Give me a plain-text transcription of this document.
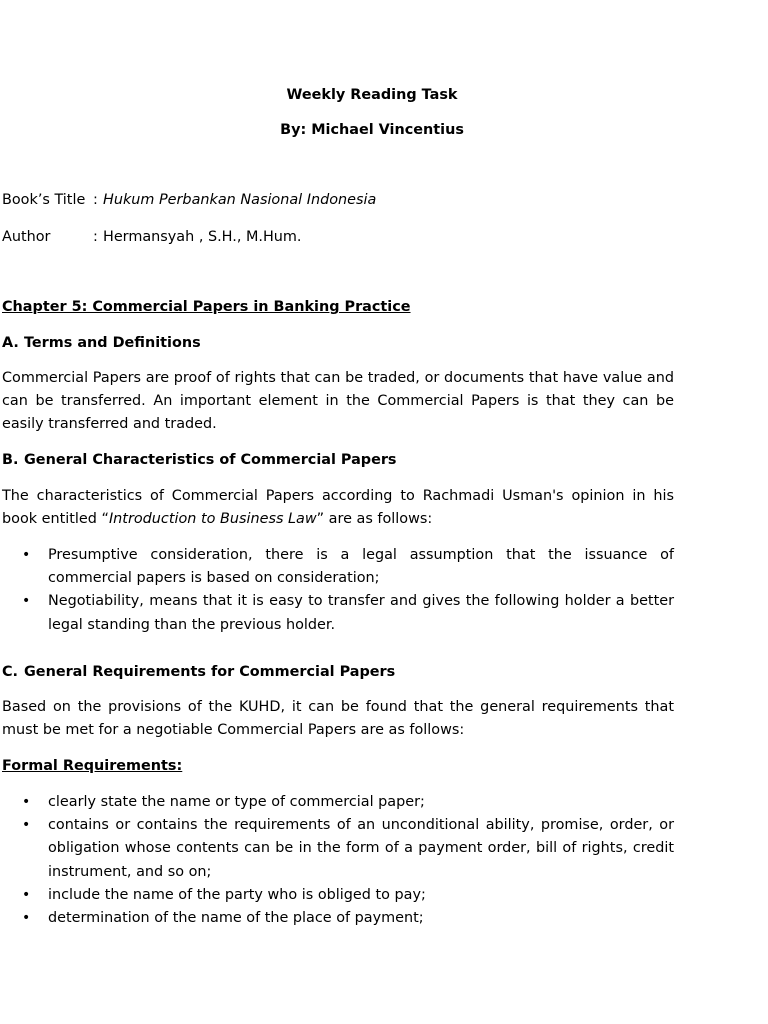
Weekly Reading Task
By: Michael Vincentius
Book’s Title : Hukum Perbankan Nasional Indonesia
Author	: Hermansyah , S.H., M.Hum.
Chapter 5: Commercial Papers in Banking Practice
A. Terms and Definitions
Commercial Papers are proof of rights that can be traded, or documents that have value and can be transferred. An important element in the Commercial Papers is that they can be easily transferred and traded.
B. General Characteristics of Commercial Papers
The characteristics of Commercial Papers according to Rachmadi Usman's opinion in his book entitled “Introduction to Business Law” are as follows:
• Presumptive consideration, there is a legal assumption that the issuance of commercial papers is based on consideration;
• Negotiability, means that it is easy to transfer and gives the following holder a better legal standing than the previous holder.
C. General Requirements for Commercial Papers
Based on the provisions of the KUHD, it can be found that the general requirements that must be met for a negotiable Commercial Papers are as follows:
Formal Requirements:
• clearly state the name or type of commercial paper;
• contains or contains the requirements of an unconditional ability, promise, order, or obligation whose contents can be in the form of a payment order, bill of rights, credit instrument, and so on;
• include the name of the party who is obliged to pay;
• determination of the name of the place of payment;
